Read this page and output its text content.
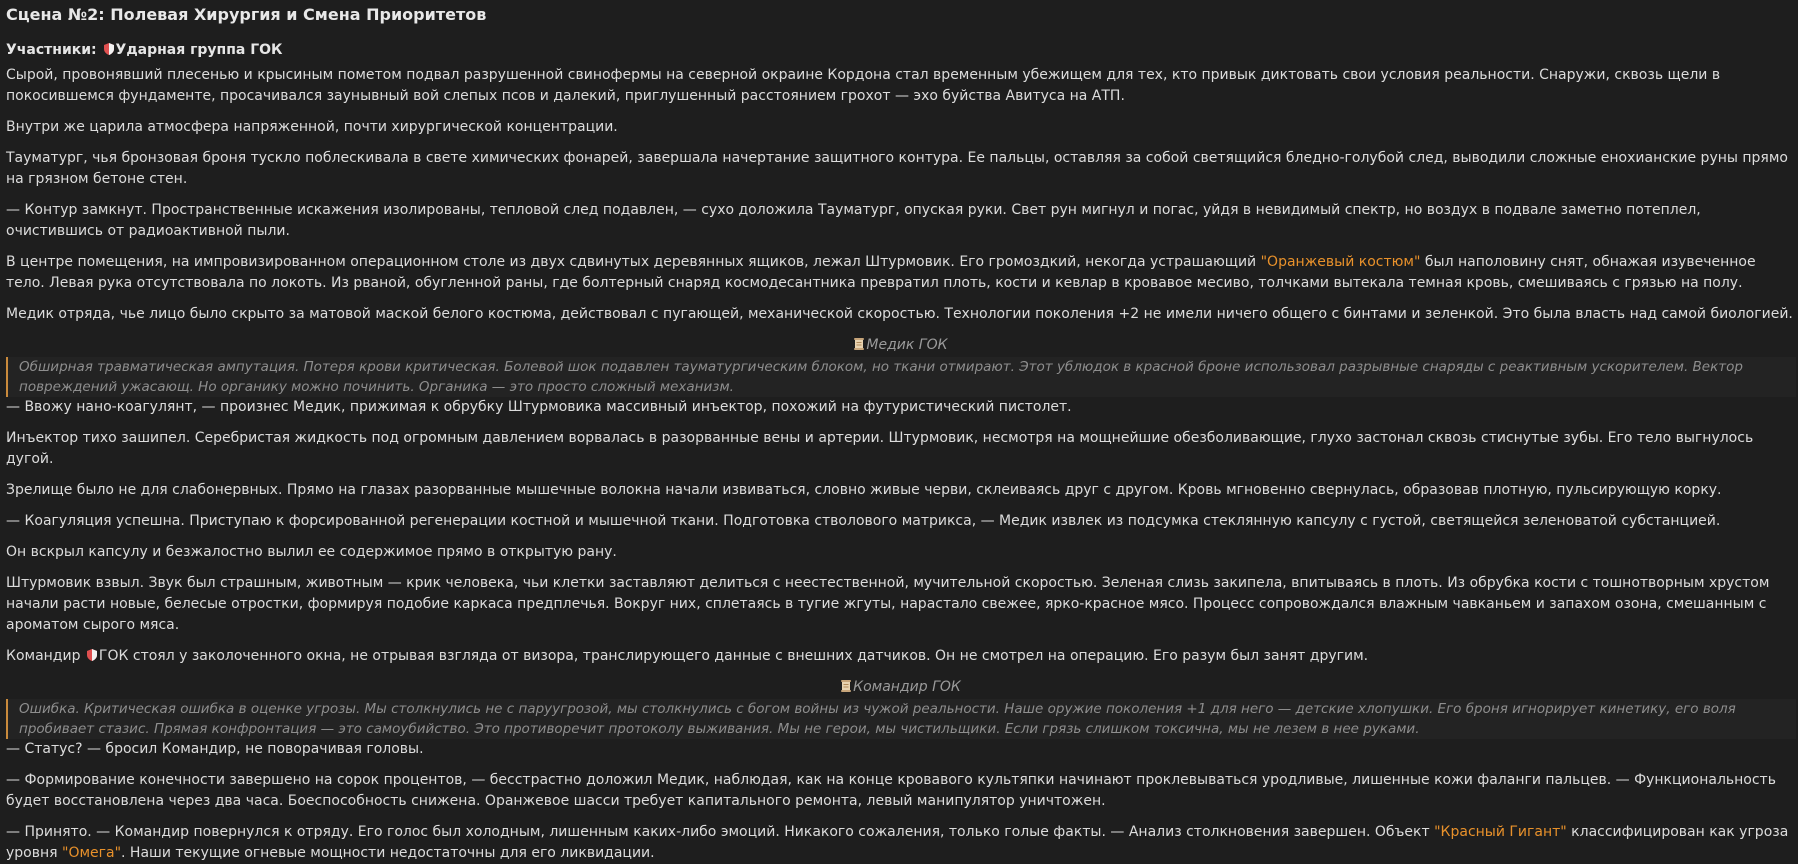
Сцена №2: Полевая Хирургия и Смена Приоритетов
Участники: Ударная группа ГОК

Сырой, провонявший плесенью и крысиным пометом подвал разрушенной свинофермы на северной окраине Кордона стал временным убежищем для тех, кто привык диктовать свои условия реальности. Снаружи, сквозь щели в покосившемся фундаменте, просачивался заунывный вой слепых псов и далекий, приглушенный расстоянием грохот — эхо буйства Авитуса на АТП.

Внутри же царила атмосфера напряженной, почти хирургической концентрации.

Тауматург, чья бронзовая броня тускло поблескивала в свете химических фонарей, завершала начертание защитного контура. Ее пальцы, оставляя за собой светящийся бледно-голубой след, выводили сложные енохианские руны прямо на грязном бетоне стен.

— Контур замкнут. Пространственные искажения изолированы, тепловой след подавлен, — сухо доложила Тауматург, опуская руки. Свет рун мигнул и погас, уйдя в невидимый спектр, но воздух в подвале заметно потеплел, очистившись от радиоактивной пыли.

В центре помещения, на импровизированном операционном столе из двух сдвинутых деревянных ящиков, лежал Штурмовик. Его громоздкий, некогда устрашающий "Оранжевый костюм" был наполовину снят, обнажая изувеченное тело. Левая рука отсутствовала по локоть. Из рваной, обугленной раны, где болтерный снаряд космодесантника превратил плоть, кости и кевлар в кровавое месиво, толчками вытекала темная кровь, смешиваясь с грязью на полу.

Медик отряда, чье лицо было скрыто за матовой маской белого костюма, действовал с пугающей, механической скоростью. Технологии поколения +2 не имели ничего общего с бинтами и зеленкой. Это была власть над самой биологией.

Медик ГОК
Обширная травматическая ампутация. Потеря крови критическая. Болевой шок подавлен тауматургическим блоком, но ткани отмирают. Этот ублюдок в красной броне использовал разрывные снаряды с реактивным ускорителем. Вектор повреждений ужасающ. Но органику можно починить. Органика — это просто сложный механизм.

— Ввожу нано-коагулянт, — произнес Медик, прижимая к обрубку Штурмовика массивный инъектор, похожий на футуристический пистолет.

Инъектор тихо зашипел. Серебристая жидкость под огромным давлением ворвалась в разорванные вены и артерии. Штурмовик, несмотря на мощнейшие обезболивающие, глухо застонал сквозь стиснутые зубы. Его тело выгнулось дугой.

Зрелище было не для слабонервных. Прямо на глазах разорванные мышечные волокна начали извиваться, словно живые черви, склеиваясь друг с другом. Кровь мгновенно свернулась, образовав плотную, пульсирующую корку.

— Коагуляция успешна. Приступаю к форсированной регенерации костной и мышечной ткани. Подготовка стволового матрикса, — Медик извлек из подсумка стеклянную капсулу с густой, светящейся зеленоватой субстанцией.

Он вскрыл капсулу и безжалостно вылил ее содержимое прямо в открытую рану.

Штурмовик взвыл. Звук был страшным, животным — крик человека, чьи клетки заставляют делиться с неестественной, мучительной скоростью. Зеленая слизь закипела, впитываясь в плоть. Из обрубка кости с тошнотворным хрустом начали расти новые, белесые отростки, формируя подобие каркаса предплечья. Вокруг них, сплетаясь в тугие жгуты, нарастало свежее, ярко-красное мясо. Процесс сопровождался влажным чавканьем и запахом озона, смешанным с ароматом сырого мяса.

Командир ГОК стоял у заколоченного окна, не отрывая взгляда от визора, транслирующего данные с внешних датчиков. Он не смотрел на операцию. Его разум был занят другим.

Командир ГОК
Ошибка. Критическая ошибка в оценке угрозы. Мы столкнулись не с паруугрозой, мы столкнулись с богом войны из чужой реальности. Наше оружие поколения +1 для него — детские хлопушки. Его броня игнорирует кинетику, его воля пробивает стазис. Прямая конфронтация — это самоубийство. Это противоречит протоколу выживания. Мы не герои, мы чистильщики. Если грязь слишком токсична, мы не лезем в нее руками.

— Статус? — бросил Командир, не поворачивая головы.

— Формирование конечности завершено на сорок процентов, — бесстрастно доложил Медик, наблюдая, как на конце кровавого культяпки начинают проклевываться уродливые, лишенные кожи фаланги пальцев. — Функциональность будет восстановлена через два часа. Боеспособность снижена. Оранжевое шасси требует капитального ремонта, левый манипулятор уничтожен.

— Принято. — Командир повернулся к отряду. Его голос был холодным, лишенным каких-либо эмоций. Никакого сожаления, только голые факты. — Анализ столкновения завершен. Объект "Красный Гигант" классифицирован как угроза уровня "Омега". Наши текущие огневые мощности недостаточны для его ликвидации.
